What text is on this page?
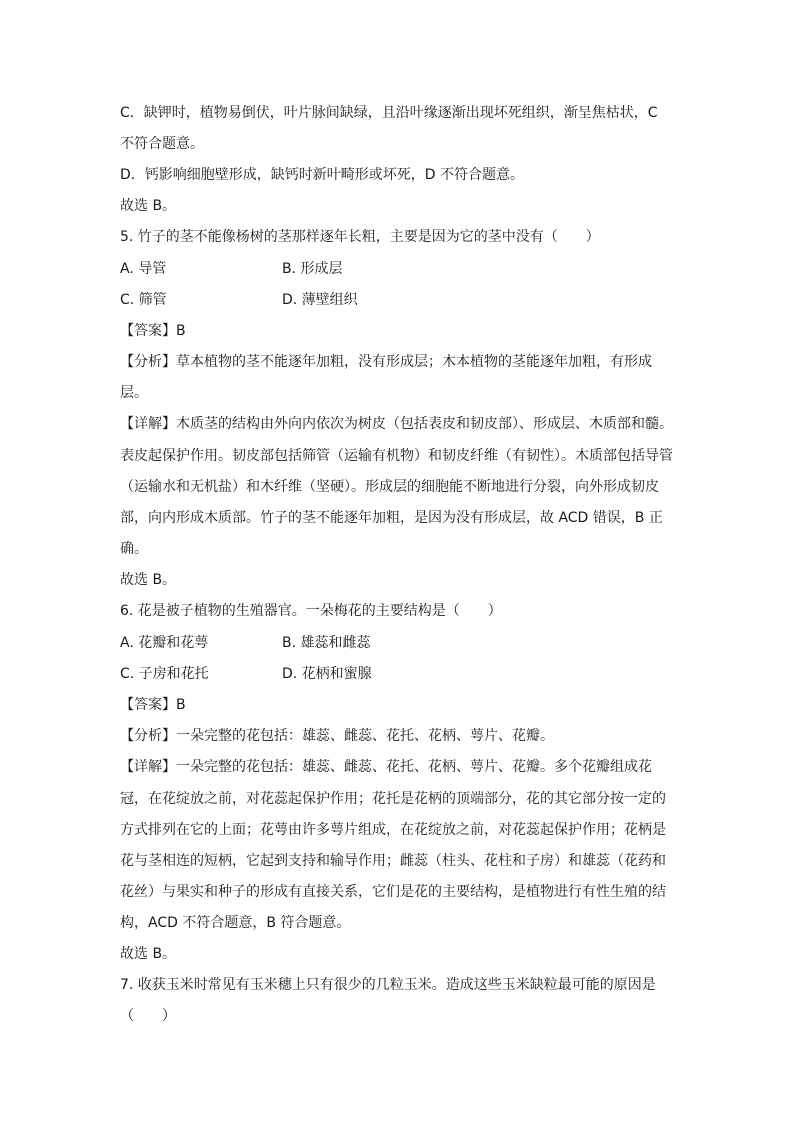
C．缺钾时，植物易倒伏，叶片脉间缺绿，且沿叶缘逐渐出现坏死组织，渐呈焦枯状，C
不符合题意。
D．钙影响细胞壁形成，缺钙时新叶畸形或坏死，D 不符合题意。
故选 B。
5. 竹子的茎不能像杨树的茎那样逐年长粗，主要是因为它的茎中没有（　　）
A. 导管	B. 形成层
C. 筛管	D. 薄壁组织
【答案】B
【分析】草本植物的茎不能逐年加粗，没有形成层；木本植物的茎能逐年加粗，有形成
层。
【详解】木质茎的结构由外向内依次为树皮（包括表皮和韧皮部）、形成层、木质部和髓。
表皮起保护作用。韧皮部包括筛管（运输有机物）和韧皮纤维（有韧性）。木质部包括导管
（运输水和无机盐）和木纤维（坚硬）。形成层的细胞能不断地进行分裂，向外形成韧皮
部，向内形成木质部。竹子的茎不能逐年加粗，是因为没有形成层，故 ACD 错误，B 正
确。
故选 B。
6. 花是被子植物的生殖器官。一朵梅花的主要结构是（　　）
A. 花瓣和花萼	B. 雄蕊和雌蕊
C. 子房和花托	D. 花柄和蜜腺
【答案】B
【分析】一朵完整的花包括：雄蕊、雌蕊、花托、花柄、萼片、花瓣。
【详解】一朵完整的花包括：雄蕊、雌蕊、花托、花柄、萼片、花瓣。多个花瓣组成花
冠，在花绽放之前，对花蕊起保护作用；花托是花柄的顶端部分，花的其它部分按一定的
方式排列在它的上面；花萼由许多萼片组成，在花绽放之前，对花蕊起保护作用；花柄是
花与茎相连的短柄，它起到支持和输导作用；雌蕊（柱头、花柱和子房）和雄蕊（花药和
花丝）与果实和种子的形成有直接关系，它们是花的主要结构，是植物进行有性生殖的结
构，ACD 不符合题意，B 符合题意。
故选 B。
7. 收获玉米时常见有玉米穗上只有很少的几粒玉米。造成这些玉米缺粒最可能的原因是
（　　）
